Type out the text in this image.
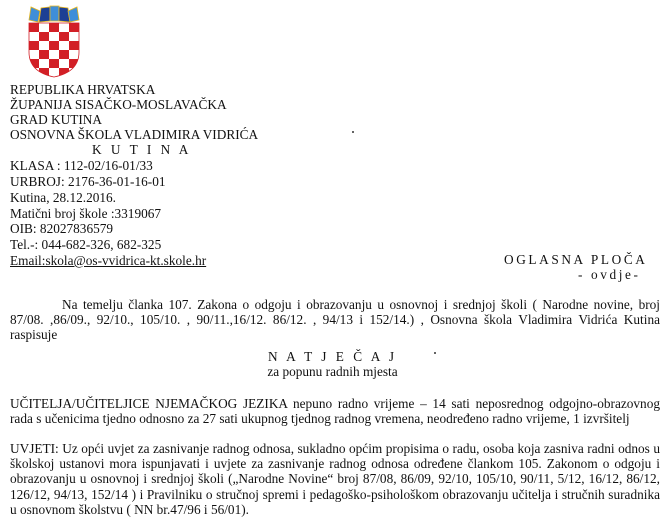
REPUBLIKA HRVATSKA
ŽUPANIJA SISAČKO-MOSLAVAČKA
GRAD KUTINA
OSNOVNA ŠKOLA VLADIMIRA VIDRIĆA
K U T I N A
KLASA : 112-02/16-01/33
URBROJ: 2176-36-01-16-01
Kutina, 28.12.2016.
Matični broj škole :3319067
OIB: 82027836579
Tel.-: 044-682-326, 682-325
Email:skola@os-vvidrica-kt.skole.hr	OGLASNA PLOČA
- ovdje-
Na temelju članka 107. Zakona o odgoju i obrazovanju u osnovnoj i srednjoj školi ( Narodne novine, broj 87/08. ,86/09., 92/10., 105/10. , 90/11.,16/12. 86/12. , 94/13 i 152/14.) , Osnovna škola Vladimira Vidrića Kutina raspisuje
N A T J E Č A J
za popunu radnih mjesta
UČITELJA/UČITELJICE NJEMAČKOG JEZIKA nepuno radno vrijeme – 14 sati neposrednog odgojno-obrazovnog rada s učenicima tjedno odnosno za 27 sati ukupnog tjednog radnog vremena, neodređeno radno vrijeme, 1 izvršitelj
UVJETI: Uz opći uvjet za zasnivanje radnog odnosa, sukladno općim propisima o radu, osoba koja zasniva radni odnos u školskoj ustanovi mora ispunjavati i uvjete za zasnivanje radnog odnosa određene člankom 105. Zakonom o odgoju i obrazovanju u osnovnoj i srednjoj školi („Narodne Novine“ broj 87/08, 86/09, 92/10, 105/10, 90/11, 5/12, 16/12, 86/12, 126/12, 94/13, 152/14 ) i Pravilniku o stručnoj spremi i pedagoško-psihološkom obrazovanju učitelja i stručnih suradnika u osnovnom školstvu ( NN br.47/96 i 56/01).
